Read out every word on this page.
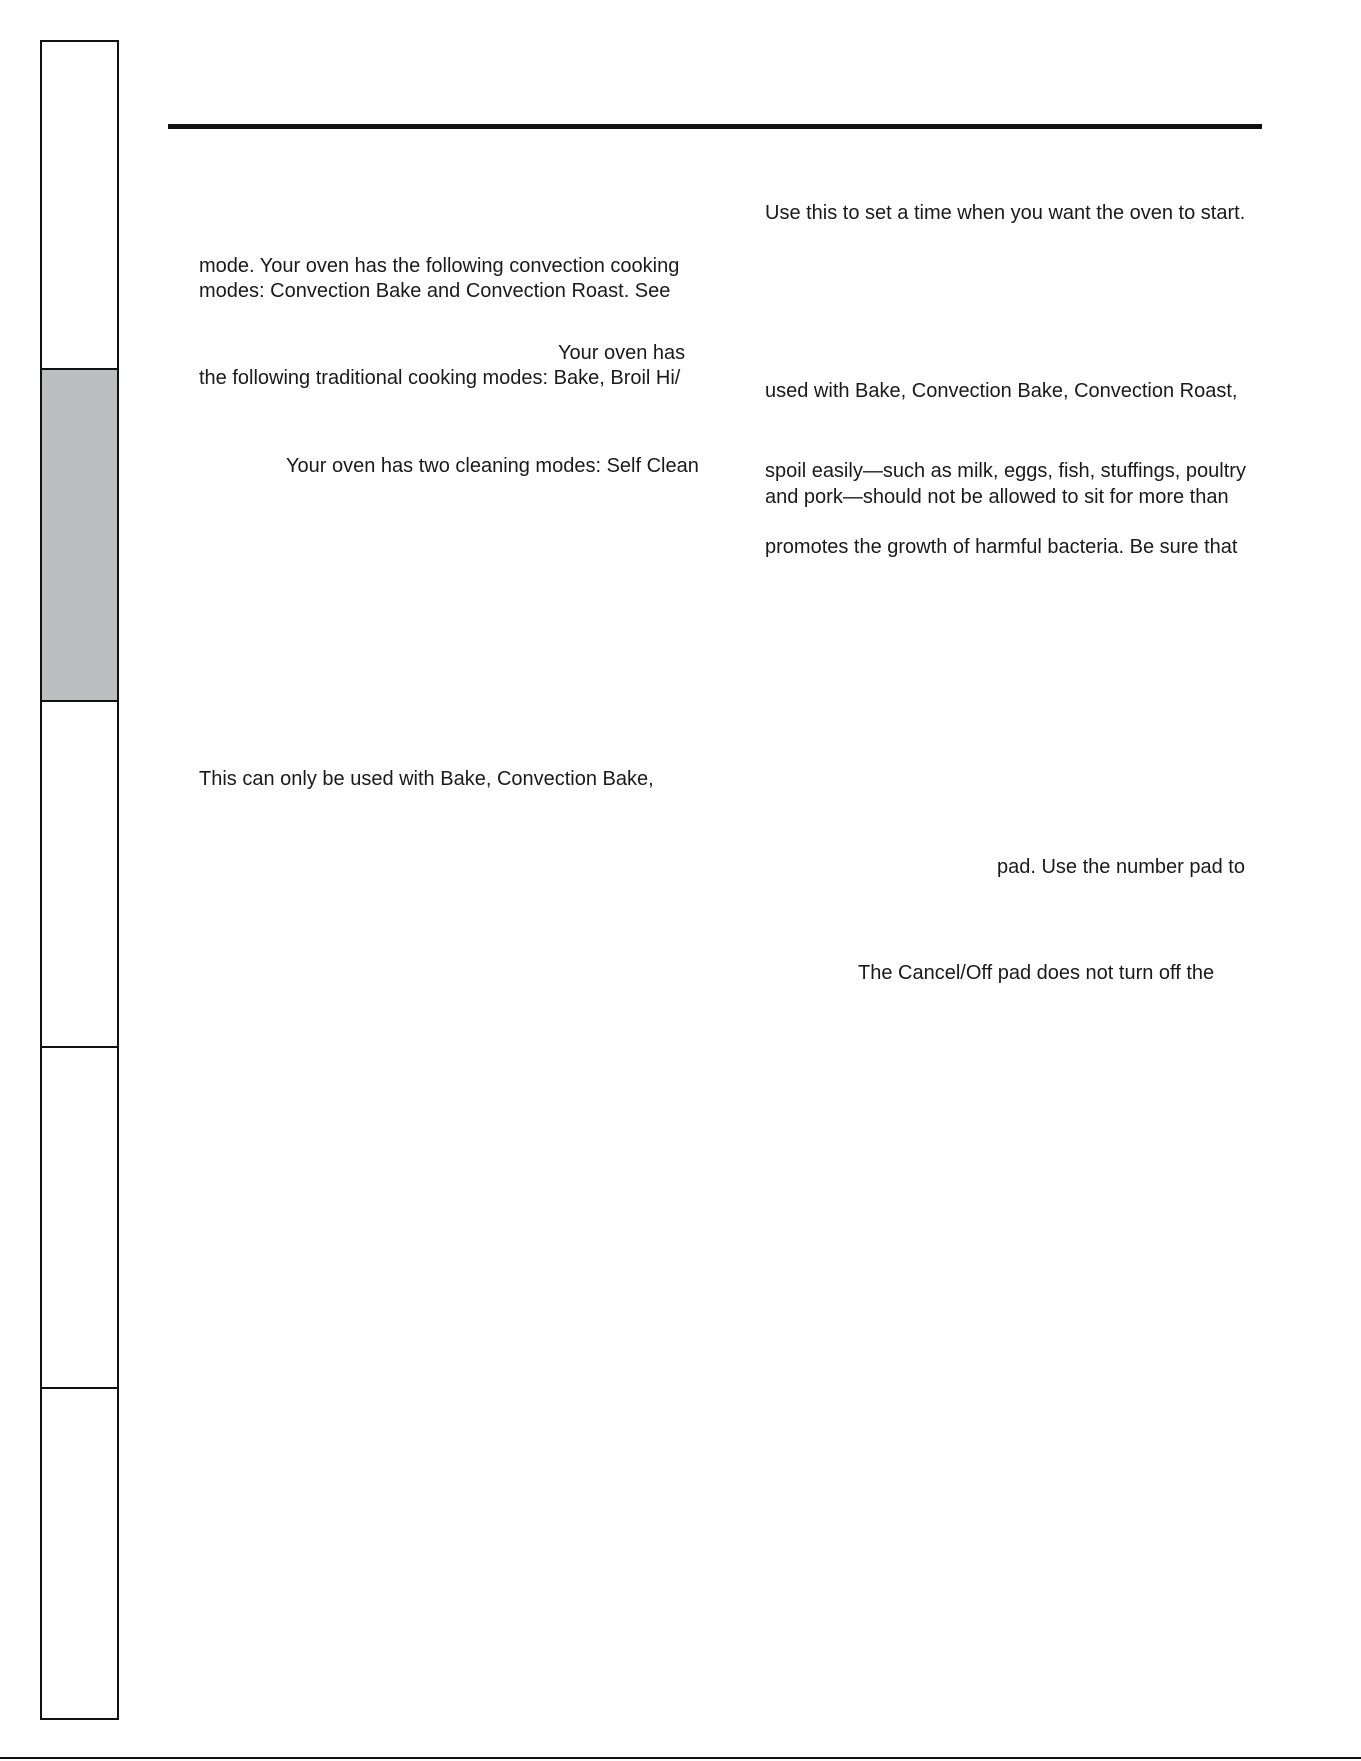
mode. Your oven has the following convection cooking
modes: Convection Bake and Convection Roast. See
Your oven has
the following traditional cooking modes: Bake, Broil Hi/
Your oven has two cleaning modes: Self Clean
This can only be used with Bake, Convection Bake,
Use this to set a time when you want the oven to start.
used with Bake, Convection Bake, Convection Roast,
spoil easily—such as milk, eggs, fish, stuffings, poultry
and pork—should not be allowed to sit for more than
promotes the growth of harmful bacteria. Be sure that
pad. Use the number pad to
The Cancel/Off pad does not turn off the
